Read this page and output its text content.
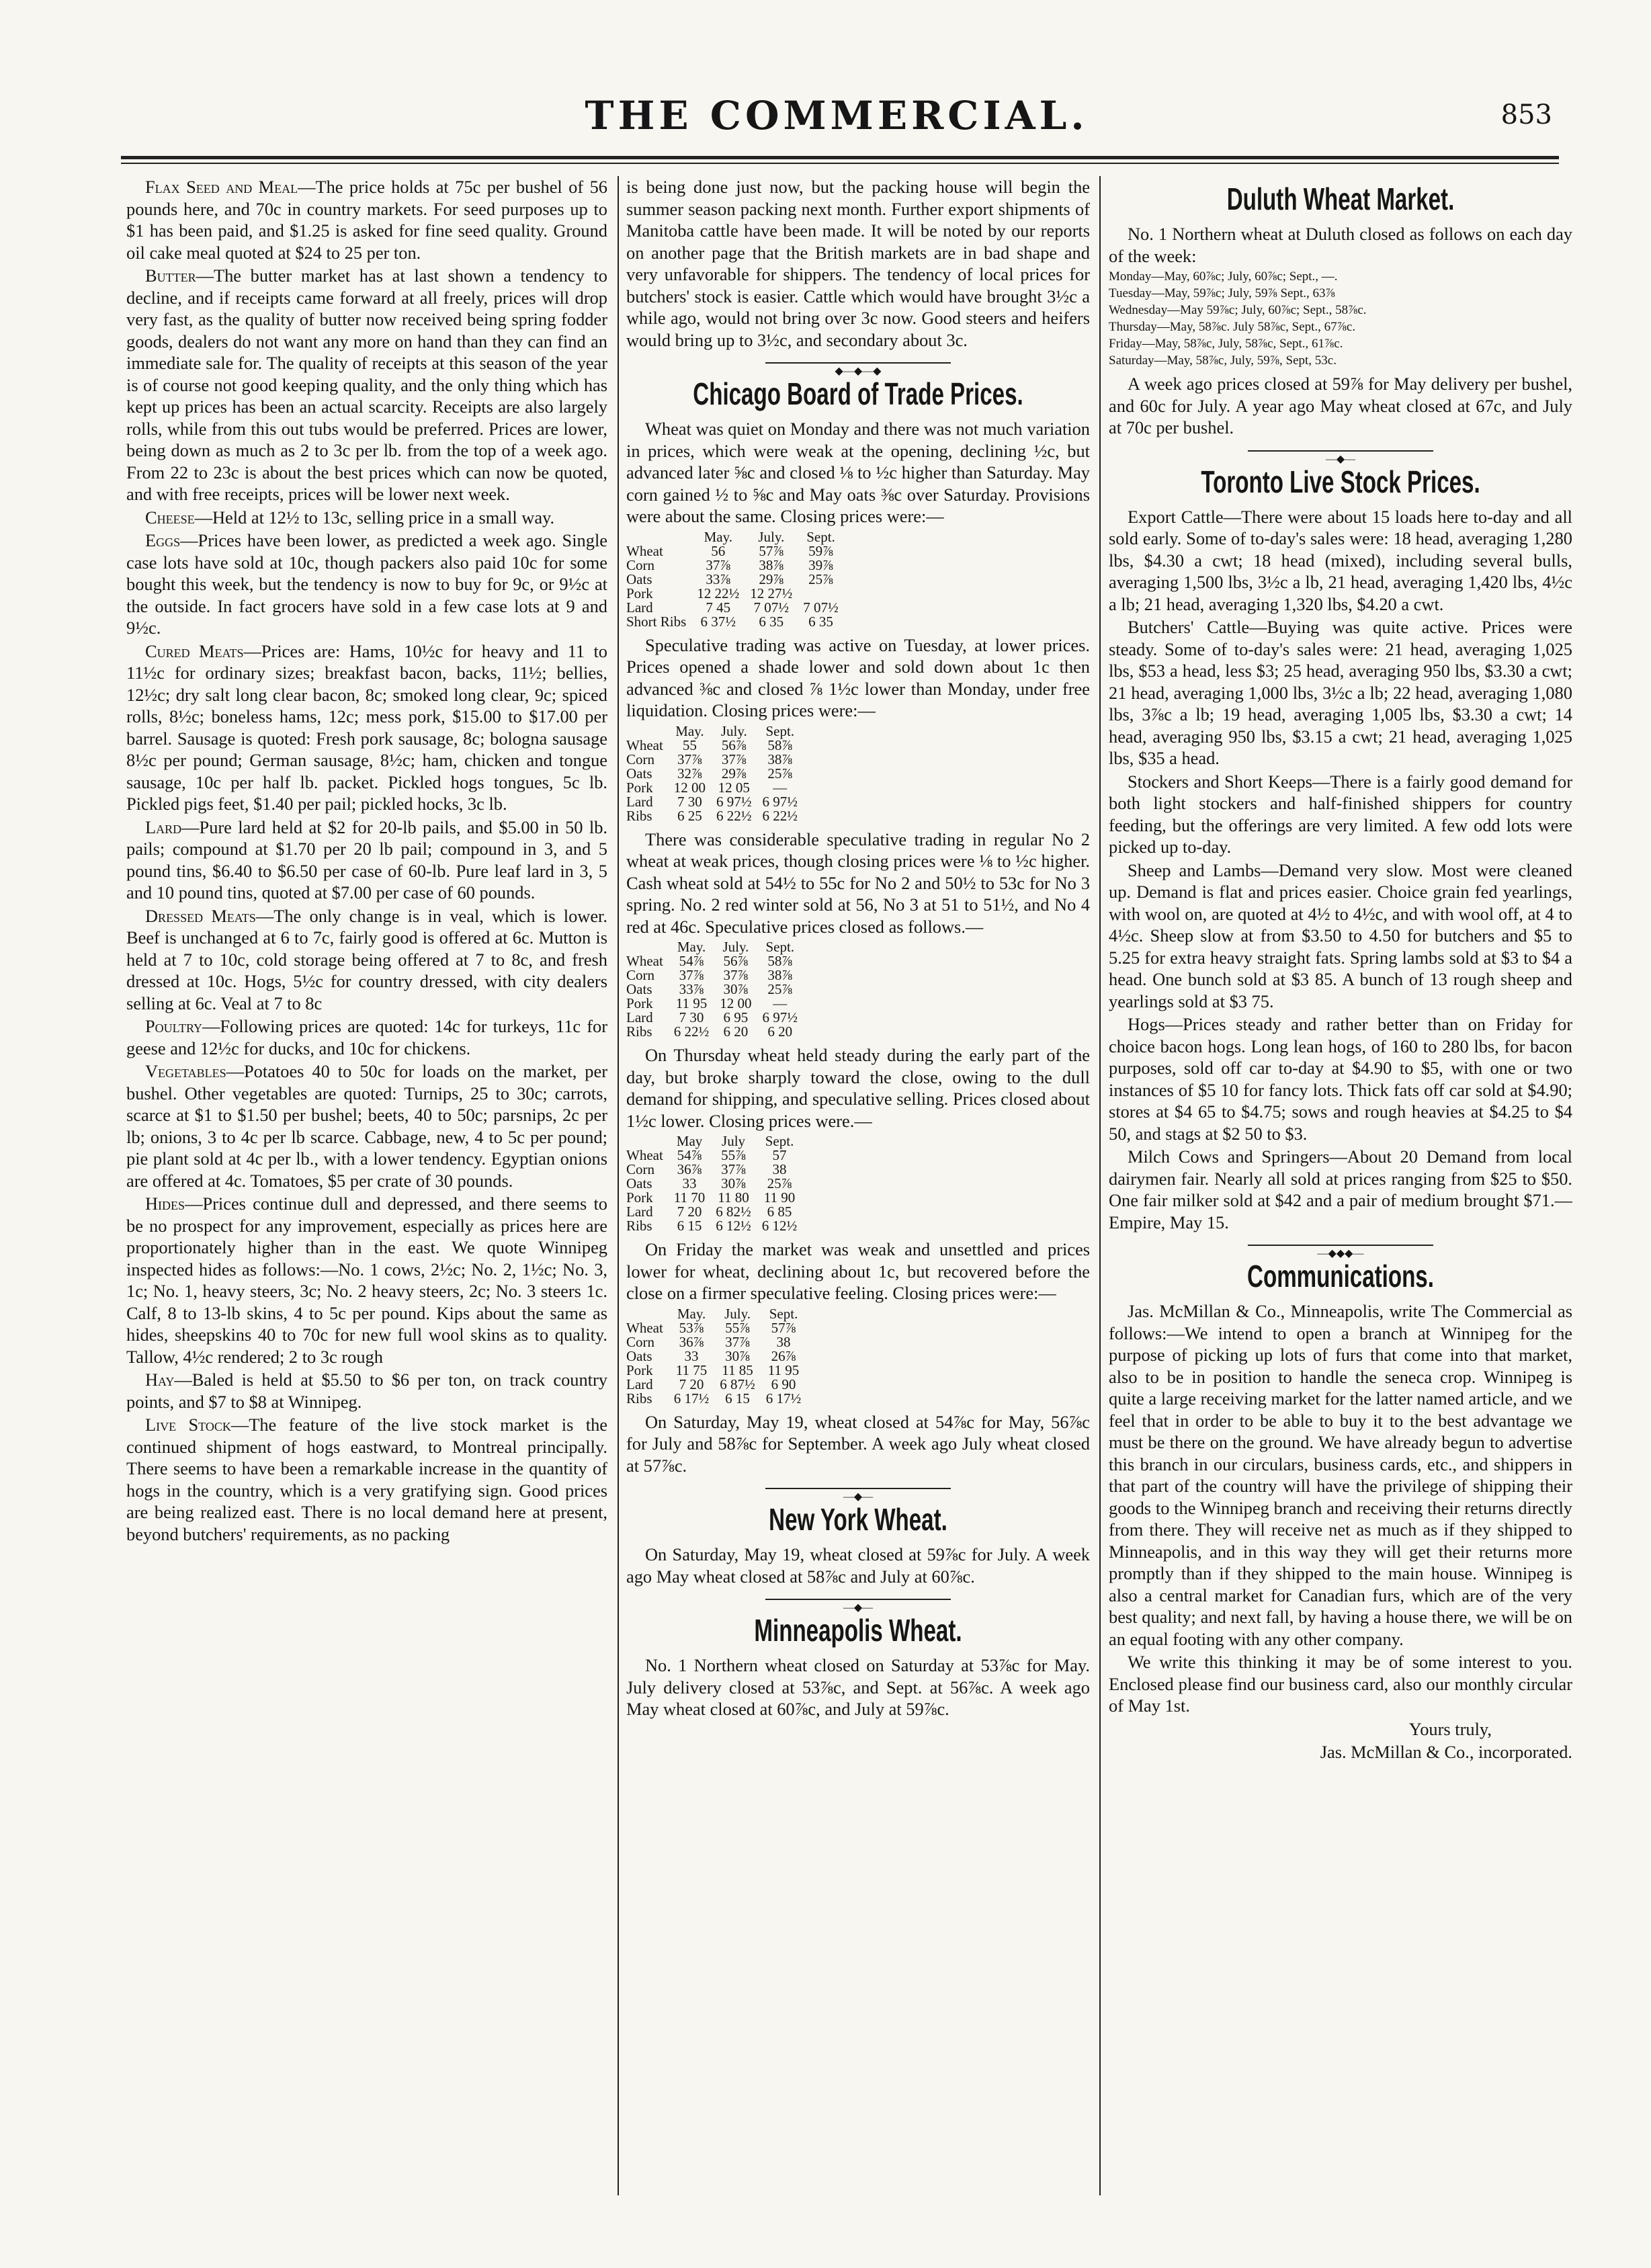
THE COMMERCIAL.	853

Flax Seed and Meal—The price holds at 75c per bushel of 56 pounds here, and 70c in country markets. For seed purposes up to $1 has been paid, and $1.25 is asked for fine seed quality. Ground oil cake meal quoted at $24 to 25 per ton.

Butter—The butter market has at last shown a tendency to decline, and if receipts came forward at all freely, prices will drop very fast, as the quality of butter now received being spring fodder goods, dealers do not want any more on hand than they can find an immediate sale for. The quality of receipts at this season of the year is of course not good keeping quality, and the only thing which has kept up prices has been an actual scarcity. Receipts are also largely rolls, while from this out tubs would be preferred. Prices are lower, being down as much as 2 to 3c per lb. from the top of a week ago. From 22 to 23c is about the best prices which can now be quoted, and with free receipts, prices will be lower next week.

Cheese—Held at 12½ to 13c, selling price in a small way.

Eggs—Prices have been lower, as predicted a week ago. Single case lots have sold at 10c, though packers also paid 10c for some bought this week, but the tendency is now to buy for 9c, or 9½c at the outside. In fact grocers have sold in a few case lots at 9 and 9½c.

Cured Meats—Prices are: Hams, 10½c for heavy and 11 to 11½c for ordinary sizes; breakfast bacon, backs, 11½; bellies, 12½c; dry salt long clear bacon, 8c; smoked long clear, 9c; spiced rolls, 8½c; boneless hams, 12c; mess pork, $15.00 to $17.00 per barrel. Sausage is quoted: Fresh pork sausage, 8c; bologna sausage 8½c per pound; German sausage, 8½c; ham, chicken and tongue sausage, 10c per half lb. packet. Pickled hogs tongues, 5c lb. Pickled pigs feet, $1.40 per pail; pickled hocks, 3c lb.

Lard—Pure lard held at $2 for 20-lb pails, and $5.00 in 50 lb. pails; compound at $1.70 per 20 lb pail; compound in 3, and 5 pound tins, $6.40 to $6.50 per case of 60-lb. Pure leaf lard in 3, 5 and 10 pound tins, quoted at $7.00 per case of 60 pounds.

Dressed Meats—The only change is in veal, which is lower. Beef is unchanged at 6 to 7c, fairly good is offered at 6c. Mutton is held at 7 to 10c, cold storage being offered at 7 to 8c, and fresh dressed at 10c. Hogs, 5½c for country dressed, with city dealers selling at 6c. Veal at 7 to 8c

Poultry—Following prices are quoted: 14c for turkeys, 11c for geese and 12½c for ducks, and 10c for chickens.

Vegetables—Potatoes 40 to 50c for loads on the market, per bushel. Other vegetables are quoted: Turnips, 25 to 30c; carrots, scarce at $1 to $1.50 per bushel; beets, 40 to 50c; parsnips, 2c per lb; onions, 3 to 4c per lb scarce. Cabbage, new, 4 to 5c per pound; pie plant sold at 4c per lb., with a lower tendency. Egyptian onions are offered at 4c. Tomatoes, $5 per crate of 30 pounds.

Hides—Prices continue dull and depressed, and there seems to be no prospect for any improvement, especially as prices here are proportionately higher than in the east. We quote Winnipeg inspected hides as follows:—No. 1 cows, 2½c; No. 2, 1½c; No. 3, 1c; No. 1, heavy steers, 3c; No. 2 heavy steers, 2c; No. 3 steers 1c. Calf, 8 to 13-lb skins, 4 to 5c per pound. Kips about the same as hides, sheepskins 40 to 70c for new full wool skins as to quality. Tallow, 4½c rendered; 2 to 3c rough

Hay—Baled is held at $5.50 to $6 per ton, on track country points, and $7 to $8 at Winnipeg.

Live Stock—The feature of the live stock market is the continued shipment of hogs eastward, to Montreal principally. There seems to have been a remarkable increase in the quantity of hogs in the country, which is a very gratifying sign. Good prices are being realized east. There is no local demand here at present, beyond butchers' requirements, as no packing

is being done just now, but the packing house will begin the summer season packing next month. Further export shipments of Manitoba cattle have been made. It will be noted by our reports on another page that the British markets are in bad shape and very unfavorable for shippers. The tendency of local prices for butchers' stock is easier. Cattle which would have brought 3½c a while ago, would not bring over 3c now. Good steers and heifers would bring up to 3½c, and secondary about 3c.

◆—◆—◆
Chicago Board of Trade Prices.

Wheat was quiet on Monday and there was not much variation in prices, which were weak at the opening, declining ½c, but advanced later ⅝c and closed ⅛ to ½c higher than Saturday. May corn gained ½ to ⅝c and May oats ⅜c over Saturday. Provisions were about the same. Closing prices were:—

	May.	July.	Sept.
Wheat	56	57⅞	59⅞
Corn	37⅞	38⅞	39⅞
Oats	33⅞	29⅞	25⅞
Pork	12 22½	12 27½	
Lard	7 45	7 07½	7 07½
Short Ribs	6 37½	6 35	6 35

Speculative trading was active on Tuesday, at lower prices. Prices opened a shade lower and sold down about 1c then advanced ⅜c and closed ⅞ 1½c lower than Monday, under free liquidation. Closing prices were:—

	May.	July.	Sept.
Wheat	55	56⅞	58⅞
Corn	37⅞	37⅞	38⅞
Oats	32⅞	29⅞	25⅞
Pork	12 00	12 05	—
Lard	7 30	6 97½	6 97½
Ribs	6 25	6 22½	6 22½

There was considerable speculative trading in regular No 2 wheat at weak prices, though closing prices were ⅛ to ½c higher. Cash wheat sold at 54½ to 55c for No 2 and 50½ to 53c for No 3 spring. No. 2 red winter sold at 56, No 3 at 51 to 51½, and No 4 red at 46c. Speculative prices closed as follows.—

	May.	July.	Sept.
Wheat	54⅞	56⅞	58⅞
Corn	37⅞	37⅞	38⅞
Oats	33⅞	30⅞	25⅞
Pork	11 95	12 00	—
Lard	7 30	6 95	6 97½
Ribs	6 22½	6 20	6 20

On Thursday wheat held steady during the early part of the day, but broke sharply toward the close, owing to the dull demand for shipping, and speculative selling. Prices closed about 1½c lower. Closing prices were.—

	May	July	Sept.
Wheat	54⅞	55⅞	57
Corn	36⅞	37⅞	38
Oats	33	30⅞	25⅞
Pork	11 70	11 80	11 90
Lard	7 20	6 82½	6 85
Ribs	6 15	6 12½	6 12½

On Friday the market was weak and unsettled and prices lower for wheat, declining about 1c, but recovered before the close on a firmer speculative feeling. Closing prices were:—

	May.	July.	Sept.
Wheat	53⅞	55⅞	57⅞
Corn	36⅞	37⅞	38
Oats	33	30⅞	26⅞
Pork	11 75	11 85	11 95
Lard	7 20	6 87½	6 90
Ribs	6 17½	6 15	6 17½

On Saturday, May 19, wheat closed at 54⅞c for May, 56⅞c for July and 58⅞c for September. A week ago July wheat closed at 57⅞c.

—◆—
New York Wheat.

On Saturday, May 19, wheat closed at 59⅞c for July. A week ago May wheat closed at 58⅞c and July at 60⅞c.

—◆—
Minneapolis Wheat.

No. 1 Northern wheat closed on Saturday at 53⅞c for May. July delivery closed at 53⅞c, and Sept. at 56⅞c. A week ago May wheat closed at 60⅞c, and July at 59⅞c.

Duluth Wheat Market.

No. 1 Northern wheat at Duluth closed as follows on each day of the week:

Monday—May, 60⅞c; July, 60⅞c; Sept., —.
Tuesday—May, 59⅞c; July, 59⅞ Sept., 63⅞
Wednesday—May 59⅞c; July, 60⅞c; Sept., 58⅞c.
Thursday—May, 58⅞c. July 58⅞c, Sept., 67⅞c.
Friday—May, 58⅞c, July, 58⅞c, Sept., 61⅞c.
Saturday—May, 58⅞c, July, 59⅞, Sept, 53c.

A week ago prices closed at 59⅞ for May delivery per bushel, and 60c for July. A year ago May wheat closed at 67c, and July at 70c per bushel.

—◆—
Toronto Live Stock Prices.

Export Cattle—There were about 15 loads here to-day and all sold early. Some of to-day's sales were: 18 head, averaging 1,280 lbs, $4.30 a cwt; 18 head (mixed), including several bulls, averaging 1,500 lbs, 3½c a lb, 21 head, averaging 1,420 lbs, 4½c a lb; 21 head, averaging 1,320 lbs, $4.20 a cwt.

Butchers' Cattle—Buying was quite active. Prices were steady. Some of to-day's sales were: 21 head, averaging 1,025 lbs, $53 a head, less $3; 25 head, averaging 950 lbs, $3.30 a cwt; 21 head, averaging 1,000 lbs, 3½c a lb; 22 head, averaging 1,080 lbs, 3⅞c a lb; 19 head, averaging 1,005 lbs, $3.30 a cwt; 14 head, averaging 950 lbs, $3.15 a cwt; 21 head, averaging 1,025 lbs, $35 a head.

Stockers and Short Keeps—There is a fairly good demand for both light stockers and half-finished shippers for country feeding, but the offerings are very limited. A few odd lots were picked up to-day.

Sheep and Lambs—Demand very slow. Most were cleaned up. Demand is flat and prices easier. Choice grain fed yearlings, with wool on, are quoted at 4½ to 4½c, and with wool off, at 4 to 4½c. Sheep slow at from $3.50 to 4.50 for butchers and $5 to 5.25 for extra heavy straight fats. Spring lambs sold at $3 to $4 a head. One bunch sold at $3 85. A bunch of 13 rough sheep and yearlings sold at $3 75.

Hogs—Prices steady and rather better than on Friday for choice bacon hogs. Long lean hogs, of 160 to 280 lbs, for bacon purposes, sold off car to-day at $4.90 to $5, with one or two instances of $5 10 for fancy lots. Thick fats off car sold at $4.90; stores at $4 65 to $4.75; sows and rough heavies at $4.25 to $4 50, and stags at $2 50 to $3.

Milch Cows and Springers—About 20 Demand from local dairymen fair. Nearly all sold at prices ranging from $25 to $50. One fair milker sold at $42 and a pair of medium brought $71.—Empire, May 15.

—◆◆◆—
Communications.

Jas. McMillan & Co., Minneapolis, write The Commercial as follows:—We intend to open a branch at Winnipeg for the purpose of picking up lots of furs that come into that market, also to be in position to handle the seneca crop. Winnipeg is quite a large receiving market for the latter named article, and we feel that in order to be able to buy it to the best advantage we must be there on the ground. We have already begun to advertise this branch in our circulars, business cards, etc., and shippers in that part of the country will have the privilege of shipping their goods to the Winnipeg branch and receiving their returns directly from there. They will receive net as much as if they shipped to Minneapolis, and in this way they will get their returns more promptly than if they shipped to the main house. Winnipeg is also a central market for Canadian furs, which are of the very best quality; and next fall, by having a house there, we will be on an equal footing with any other company.

We write this thinking it may be of some interest to you. Enclosed please find our business card, also our monthly circular of May 1st.

Yours truly,

Jas. McMillan & Co., incorporated.
